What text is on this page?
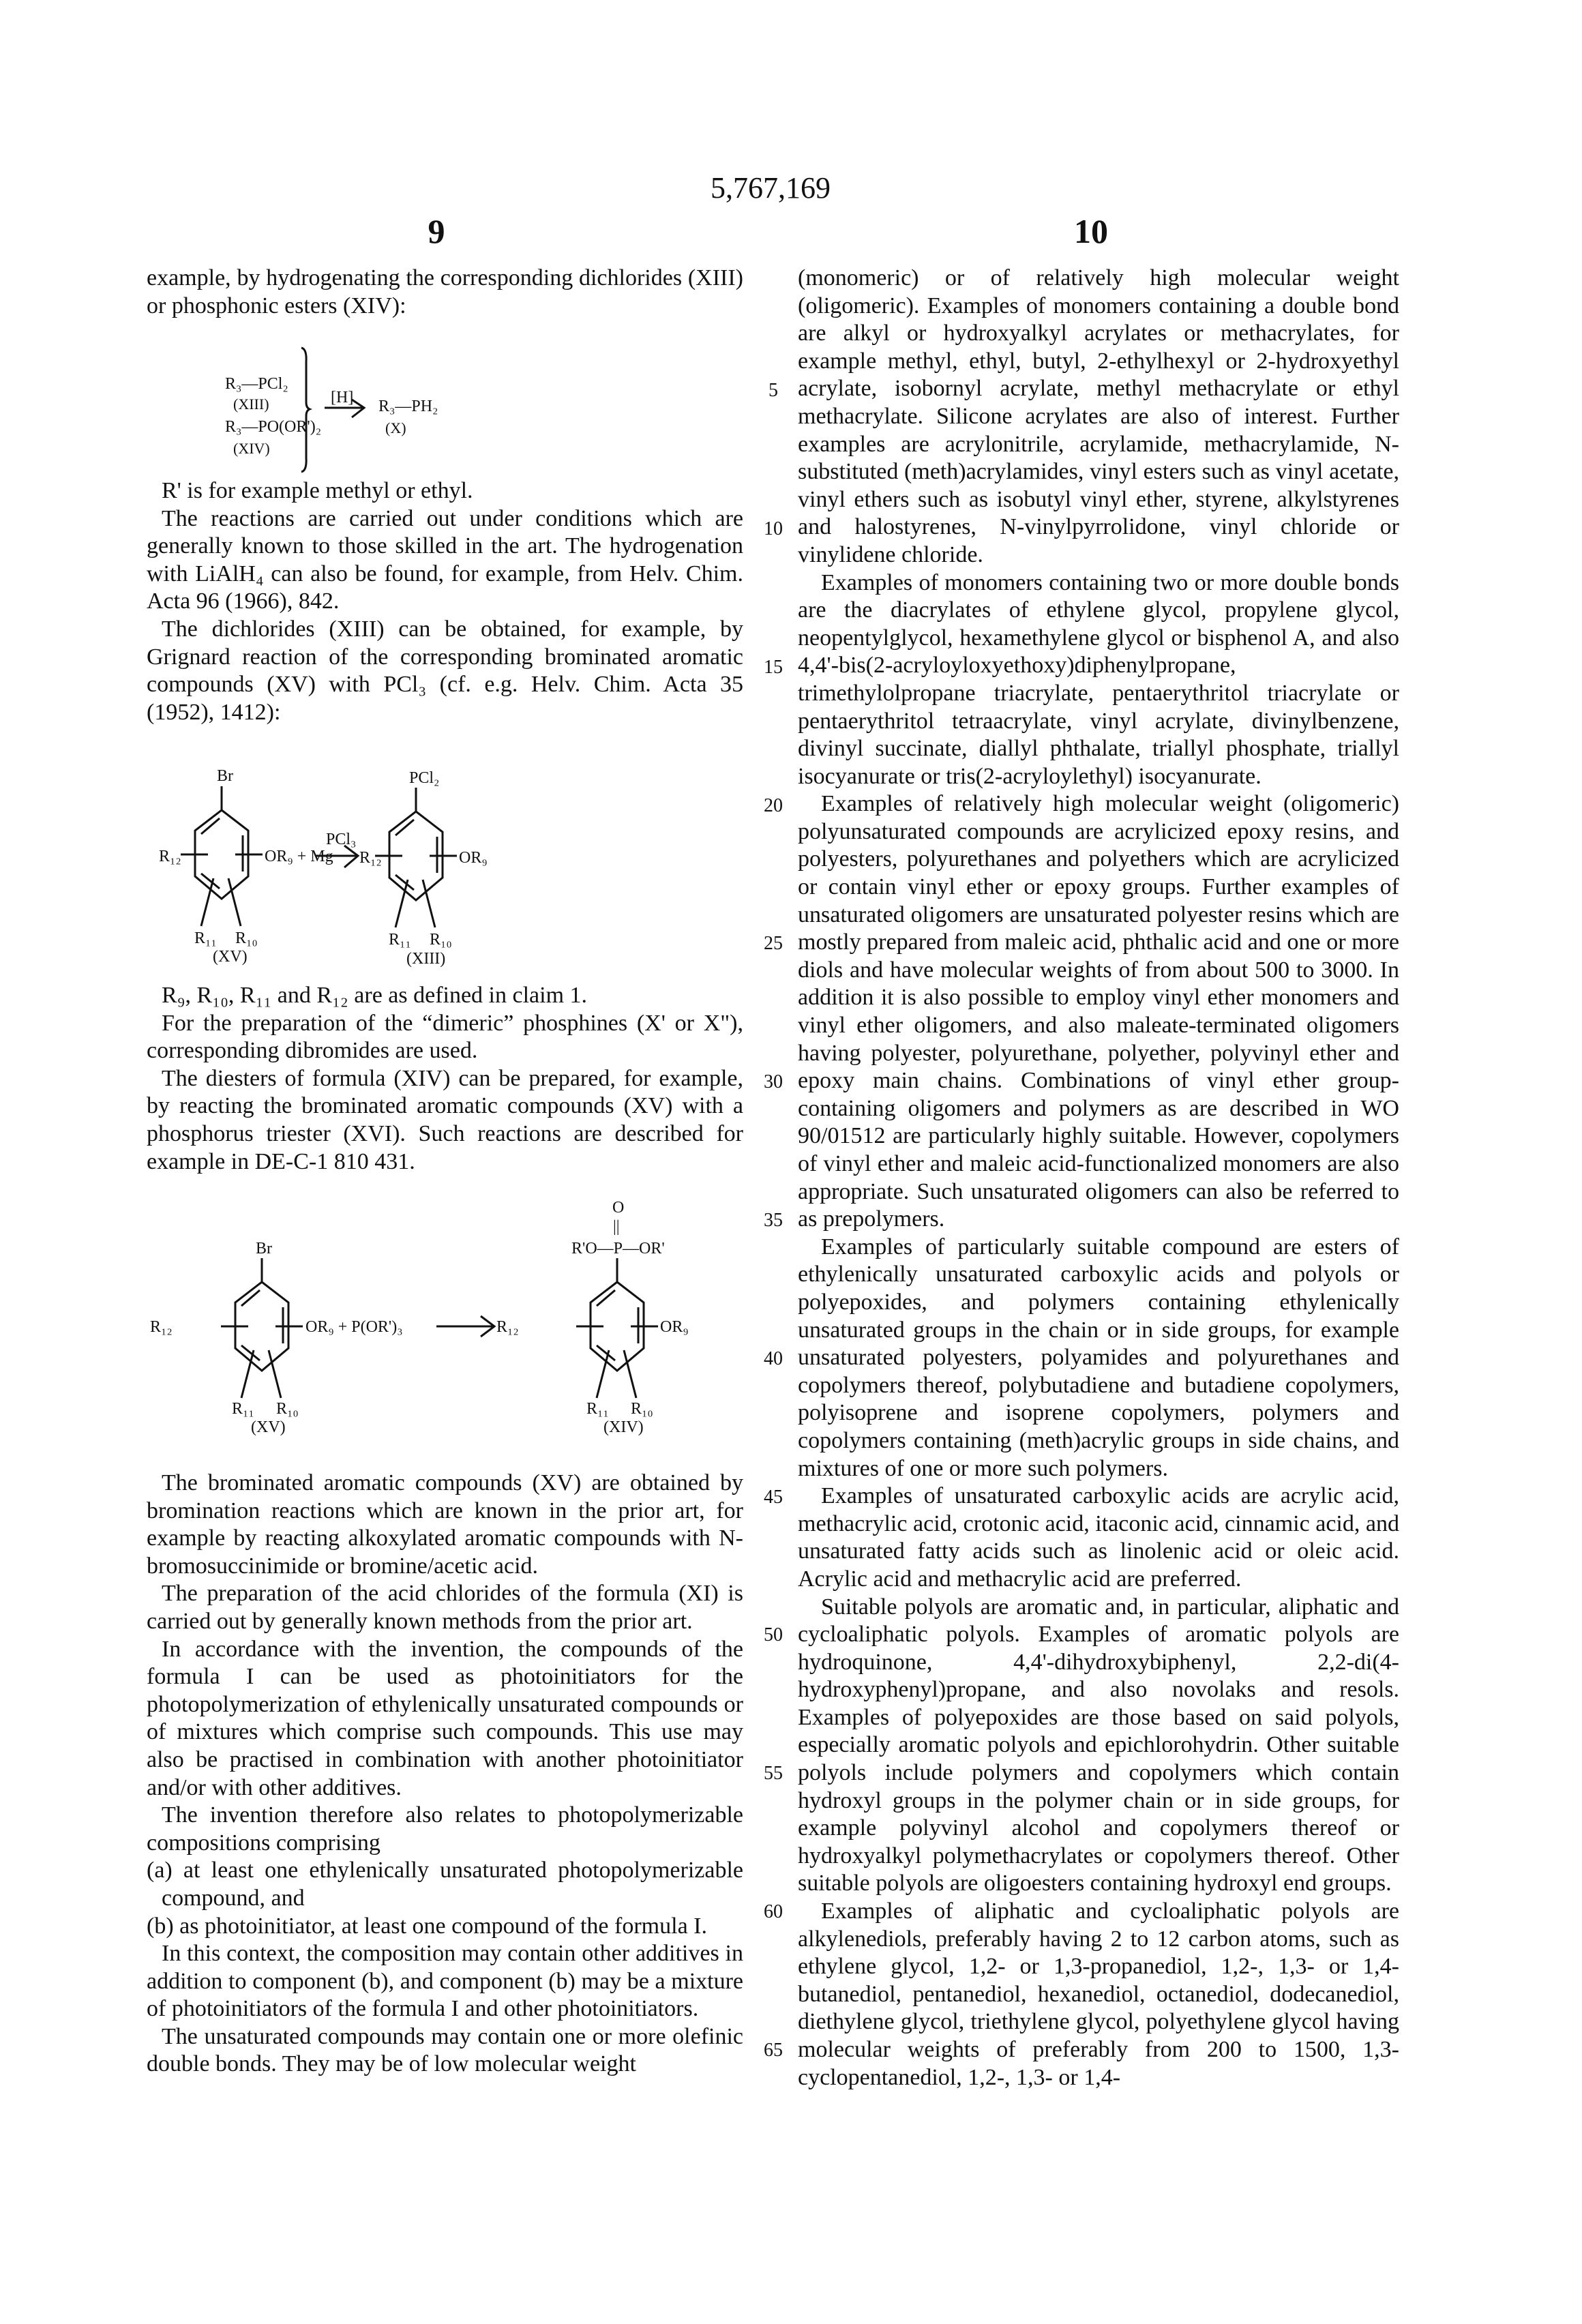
5,767,169
9	10

example, by hydrogenating the corresponding dichlorides (XIII) or phosphonic esters (XIV):

R₃—PCl₂
(XIII)
R₃—PO(OR')₂
(XIV)
[H] R₃—PH₂
(X)

R' is for example methyl or ethyl.

The reactions are carried out under conditions which are generally known to those skilled in the art. The hydrogenation with LiAlH₄ can also be found, for example, from Helv. Chim. Acta 96 (1966), 842.

The dichlorides (XIII) can be obtained, for example, by Grignard reaction of the corresponding brominated aromatic compounds (XV) with PCl₃ (cf. e.g. Helv. Chim. Acta 35 (1952), 1412):

Br
R₁₂	OR₉ + Mg
R₁₁ R₁₀
(XV)
PCl₃
PCl₂
R₁₂	OR₉
R₁₁ R₁₀
(XIII)

R₉, R₁₀, R₁₁ and R₁₂ are as defined in claim 1.

For the preparation of the “dimeric” phosphines (X' or X"), corresponding dibromides are used.

The diesters of formula (XIV) can be prepared, for example, by reacting the brominated aromatic compounds (XV) with a phosphorus triester (XVI). Such reactions are described for example in DE-C-1 810 431.

Br
R₁₂	OR₉ + P(OR')₃
R₁₁ R₁₀
(XV)
O
||
R'O—P—OR'
R₁₂	OR₉
R₁₁ R₁₀
(XIV)

The brominated aromatic compounds (XV) are obtained by bromination reactions which are known in the prior art, for example by reacting alkoxylated aromatic compounds with N-bromosuccinimide or bromine/acetic acid.

The preparation of the acid chlorides of the formula (XI) is carried out by generally known methods from the prior art.

In accordance with the invention, the compounds of the formula I can be used as photoinitiators for the photopolymerization of ethylenically unsaturated compounds or of mixtures which comprise such compounds. This use may also be practised in combination with another photoinitiator and/or with other additives.

The invention therefore also relates to photopolymerizable compositions comprising

(a) at least one ethylenically unsaturated photopolymerizable compound, and

(b) as photoinitiator, at least one compound of the formula I.

In this context, the composition may contain other additives in addition to component (b), and component (b) may be a mixture of photoinitiators of the formula I and other photoinitiators.

The unsaturated compounds may contain one or more olefinic double bonds. They may be of low molecular weight

(monomeric) or of relatively high molecular weight (oligomeric). Examples of monomers containing a double bond are alkyl or hydroxyalkyl acrylates or methacrylates, for example methyl, ethyl, butyl, 2-ethylhexyl or 2-hydroxyethyl acrylate, isobornyl acrylate, methyl methacrylate or ethyl methacrylate. Silicone acrylates are also of interest. Further examples are acrylonitrile, acrylamide, methacrylamide, N-substituted (meth)acrylamides, vinyl esters such as vinyl acetate, vinyl ethers such as isobutyl vinyl ether, styrene, alkylstyrenes and halostyrenes, N-vinylpyrrolidone, vinyl chloride or vinylidene chloride.

Examples of monomers containing two or more double bonds are the diacrylates of ethylene glycol, propylene glycol, neopentylglycol, hexamethylene glycol or bisphenol A, and also 4,4'-bis(2-acryloyloxyethoxy)diphenylpropane, trimethylolpropane triacrylate, pentaerythritol triacrylate or pentaerythritol tetraacrylate, vinyl acrylate, divinylbenzene, divinyl succinate, diallyl phthalate, triallyl phosphate, triallyl isocyanurate or tris(2-acryloylethyl) isocyanurate.

Examples of relatively high molecular weight (oligomeric) polyunsaturated compounds are acrylicized epoxy resins, and polyesters, polyurethanes and polyethers which are acrylicized or contain vinyl ether or epoxy groups. Further examples of unsaturated oligomers are unsaturated polyester resins which are mostly prepared from maleic acid, phthalic acid and one or more diols and have molecular weights of from about 500 to 3000. In addition it is also possible to employ vinyl ether monomers and vinyl ether oligomers, and also maleate-terminated oligomers having polyester, polyurethane, polyether, polyvinyl ether and epoxy main chains. Combinations of vinyl ether group-containing oligomers and polymers as are described in WO 90/01512 are particularly highly suitable. However, copolymers of vinyl ether and maleic acid-functionalized monomers are also appropriate. Such unsaturated oligomers can also be referred to as prepolymers.

Examples of particularly suitable compound are esters of ethylenically unsaturated carboxylic acids and polyols or polyepoxides, and polymers containing ethylenically unsaturated groups in the chain or in side groups, for example unsaturated polyesters, polyamides and polyurethanes and copolymers thereof, polybutadiene and butadiene copolymers, polyisoprene and isoprene copolymers, polymers and copolymers containing (meth)acrylic groups in side chains, and mixtures of one or more such polymers.

Examples of unsaturated carboxylic acids are acrylic acid, methacrylic acid, crotonic acid, itaconic acid, cinnamic acid, and unsaturated fatty acids such as linolenic acid or oleic acid. Acrylic acid and methacrylic acid are preferred.

Suitable polyols are aromatic and, in particular, aliphatic and cycloaliphatic polyols. Examples of aromatic polyols are hydroquinone, 4,4'-dihydroxybiphenyl, 2,2-di(4-hydroxyphenyl)propane, and also novolaks and resols. Examples of polyepoxides are those based on said polyols, especially aromatic polyols and epichlorohydrin. Other suitable polyols include polymers and copolymers which contain hydroxyl groups in the polymer chain or in side groups, for example polyvinyl alcohol and copolymers thereof or hydroxyalkyl polymethacrylates or copolymers thereof. Other suitable polyols are oligoesters containing hydroxyl end groups.

Examples of aliphatic and cycloaliphatic polyols are alkylenediols, preferably having 2 to 12 carbon atoms, such as ethylene glycol, 1,2- or 1,3-propanediol, 1,2-, 1,3- or 1,4-butanediol, pentanediol, hexanediol, octanediol, dodecanediol, diethylene glycol, triethylene glycol, polyethylene glycol having molecular weights of preferably from 200 to 1500, 1,3-cyclopentanediol, 1,2-, 1,3- or 1,4-

5
10
15
20
25
30
35
40
45
50
55
60
65
